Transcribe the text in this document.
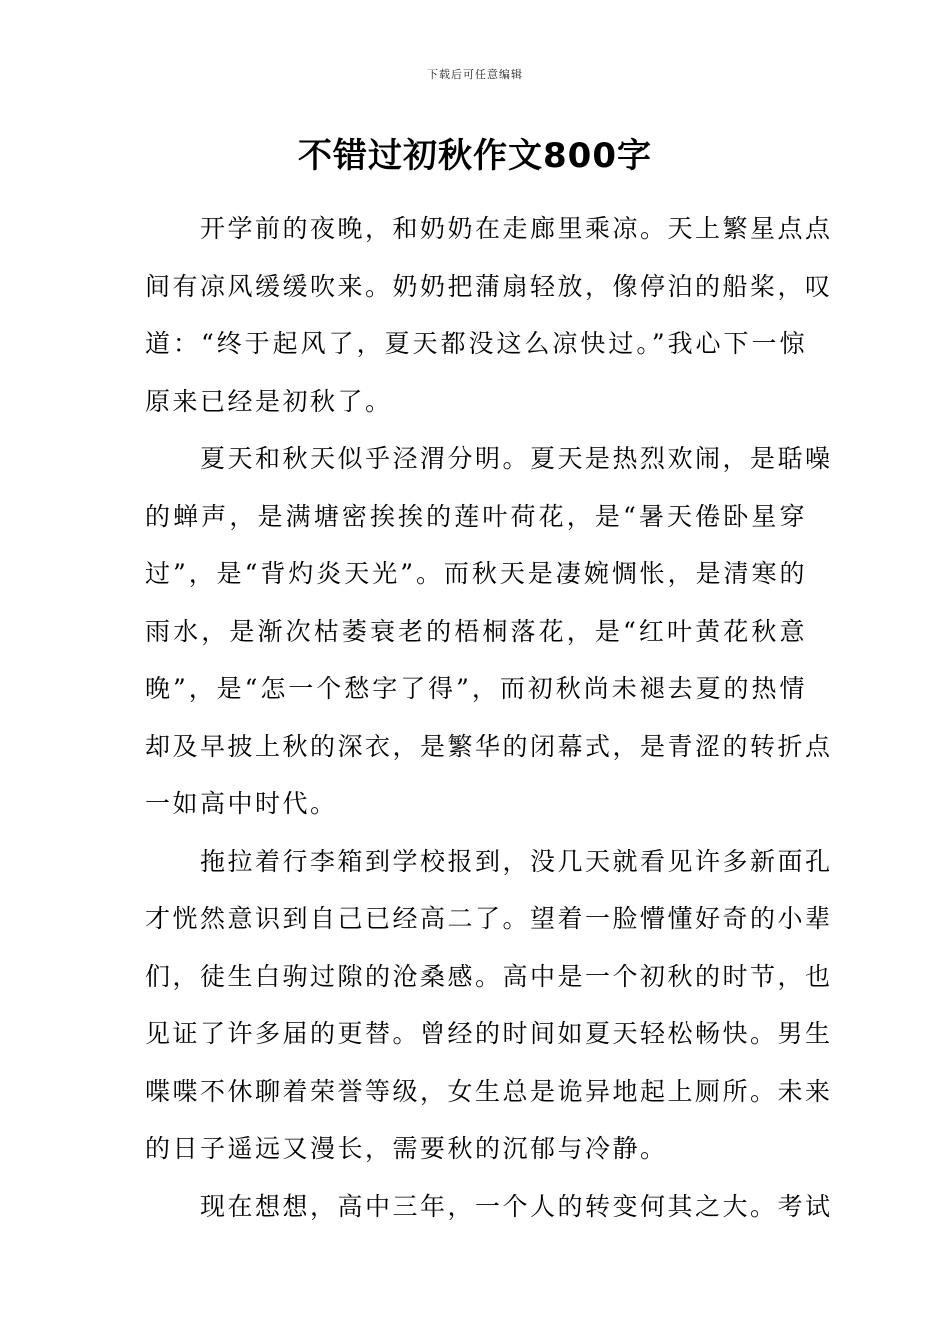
下载后可任意编辑
不错过初秋作文800字
开学前的夜晚，和奶奶在走廊里乘凉。天上繁星点点
间有凉风缓缓吹来。奶奶把蒲扇轻放，像停泊的船桨，叹
道：“终于起风了，夏天都没这么凉快过。”我心下一惊
原来已经是初秋了。
夏天和秋天似乎泾渭分明。夏天是热烈欢闹，是聒噪
的蝉声，是满塘密挨挨的莲叶荷花，是“暑天倦卧星穿
过”，是“背灼炎天光”。而秋天是凄婉惆怅，是清寒的
雨水，是渐次枯萎衰老的梧桐落花，是“红叶黄花秋意
晚”，是“怎一个愁字了得”，而初秋尚未褪去夏的热情
却及早披上秋的深衣，是繁华的闭幕式，是青涩的转折点
一如高中时代。
拖拉着行李箱到学校报到，没几天就看见许多新面孔
才恍然意识到自己已经高二了。望着一脸懵懂好奇的小辈
们，徒生白驹过隙的沧桑感。高中是一个初秋的时节，也
见证了许多届的更替。曾经的时间如夏天轻松畅快。男生
喋喋不休聊着荣誉等级，女生总是诡异地起上厕所。未来
的日子遥远又漫长，需要秋的沉郁与冷静。
现在想想，高中三年，一个人的转变何其之大。考试
